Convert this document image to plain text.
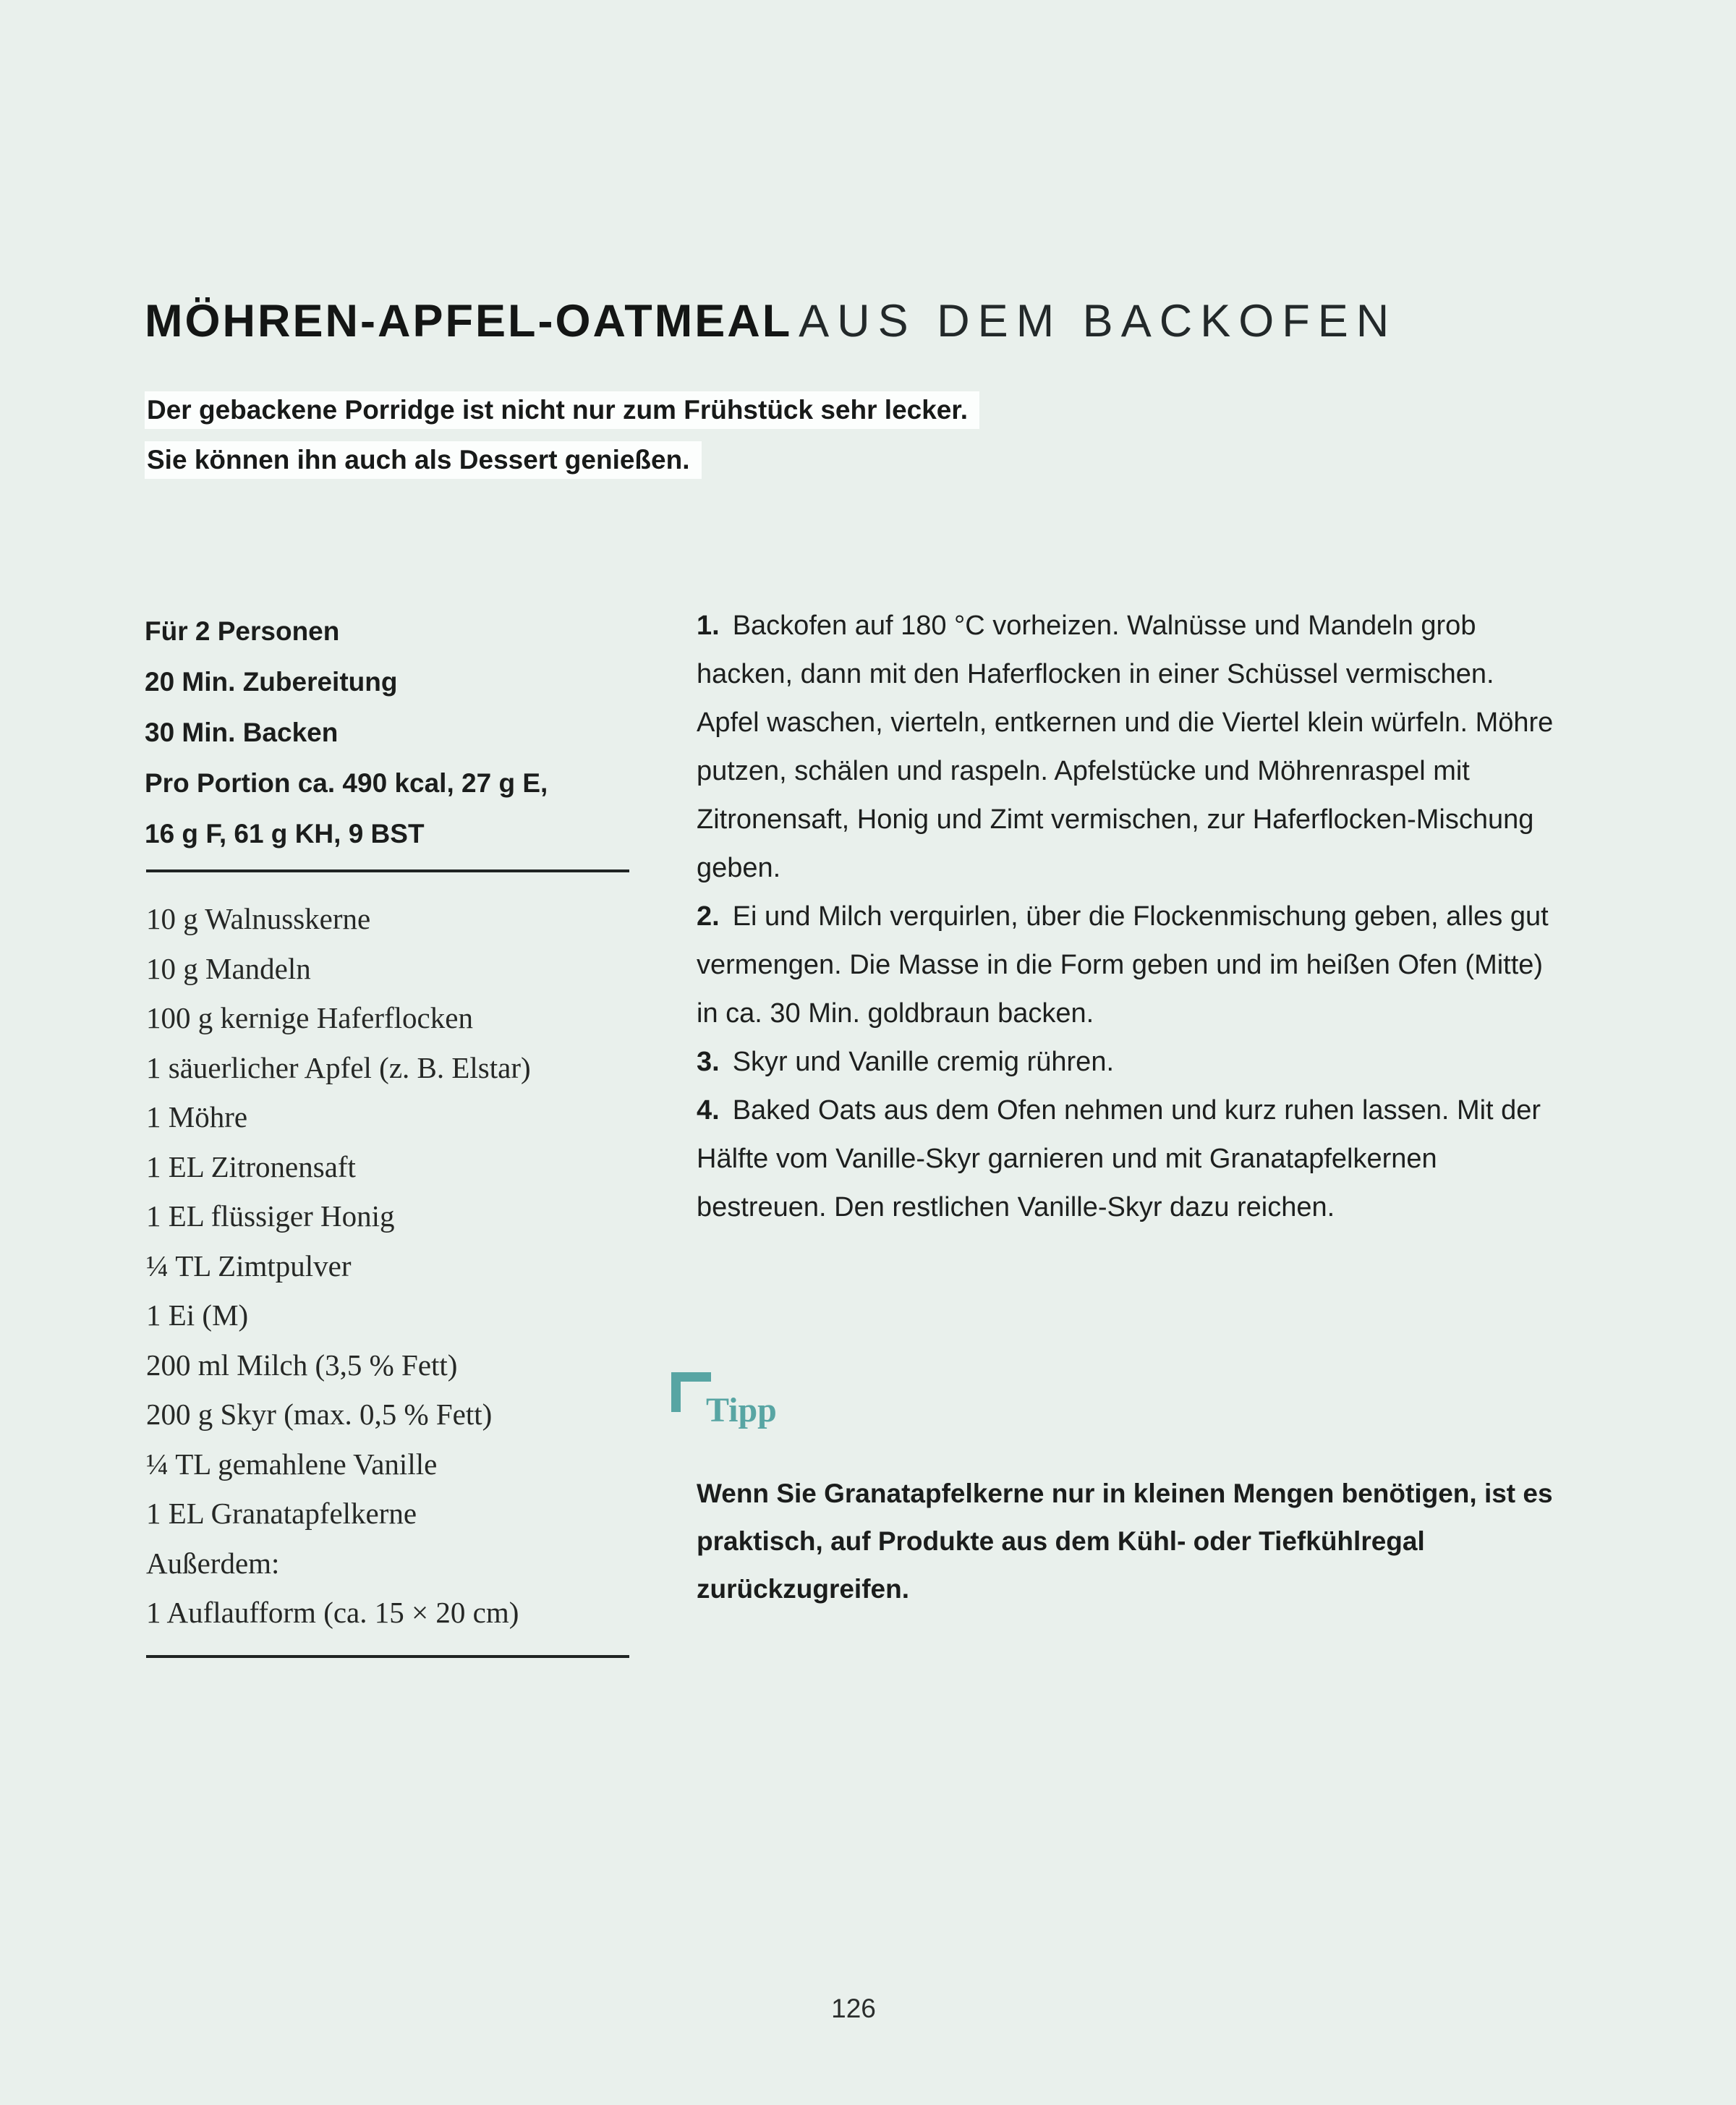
MÖHREN-APFEL-OATMEAL AUS DEM BACKOFEN
Der gebackene Porridge ist nicht nur zum Frühstück sehr lecker.
Sie können ihn auch als Dessert genießen.
Für 2 Personen
20 Min. Zubereitung
30 Min. Backen
Pro Portion ca. 490 kcal, 27 g E,
16 g F, 61 g KH, 9 BST
10 g Walnusskerne
10 g Mandeln
100 g kernige Haferflocken
1 säuerlicher Apfel (z. B. Elstar)
1 Möhre
1 EL Zitronensaft
1 EL flüssiger Honig
¼ TL Zimtpulver
1 Ei (M)
200 ml Milch (3,5 % Fett)
200 g Skyr (max. 0,5 % Fett)
¼ TL gemahlene Vanille
1 EL Granatapfelkerne
Außerdem:
1 Auflaufform (ca. 15 × 20 cm)

1. Backofen auf 180 °C vorheizen. Walnüsse und Mandeln grob hacken, dann mit den Haferflocken in einer Schüssel vermischen. Apfel waschen, vierteln, entkernen und die Viertel klein würfeln. Möhre putzen, schälen und raspeln. Apfelstücke und Möhrenraspel mit Zitronensaft, Honig und Zimt vermischen, zur Haferflocken-Mischung geben.

2. Ei und Milch verquirlen, über die Flockenmischung geben, alles gut vermengen. Die Masse in die Form geben und im heißen Ofen (Mitte) in ca. 30 Min. goldbraun backen.

3. Skyr und Vanille cremig rühren.

4. Baked Oats aus dem Ofen nehmen und kurz ruhen lassen. Mit der Hälfte vom Vanille-Skyr garnieren und mit Granatapfelkernen bestreuen. Den restlichen Vanille-Skyr dazu reichen.

Tipp
Wenn Sie Granatapfelkerne nur in kleinen Mengen benötigen, ist es praktisch, auf Produkte aus dem Kühl- oder Tiefkühlregal zurückzugreifen.
126
